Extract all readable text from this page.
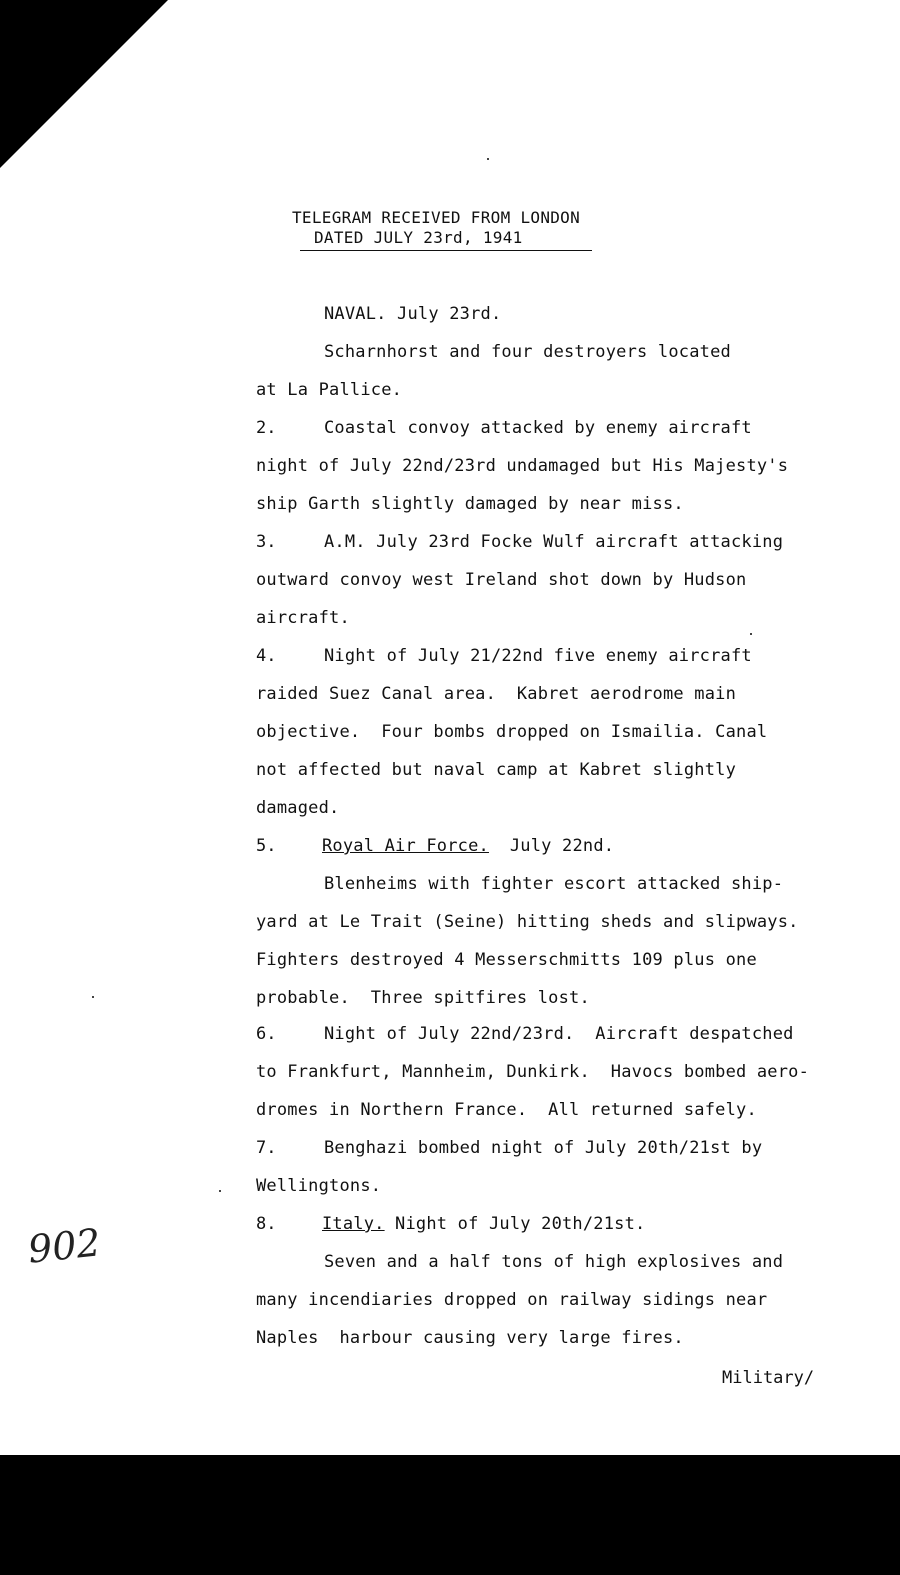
TELEGRAM RECEIVED FROM LONDON
DATED JULY 23rd, 1941
NAVAL. July 23rd.
Scharnhorst and four destroyers located
at La Pallice.
2.	Coastal convoy attacked by enemy aircraft
night of July 22nd/23rd undamaged but His Majesty's
ship Garth slightly damaged by near miss.
3.	A.M. July 23rd Focke Wulf aircraft attacking
outward convoy west Ireland shot down by Hudson
aircraft.
4.	Night of July 21/22nd five enemy aircraft
raided Suez Canal area.  Kabret aerodrome main
objective.  Four bombs dropped on Ismailia. Canal
not affected but naval camp at Kabret slightly
damaged.
5.	Royal Air Force.  July 22nd.
Blenheims with fighter escort attacked ship-
yard at Le Trait (Seine) hitting sheds and slipways.
Fighters destroyed 4 Messerschmitts 109 plus one
probable.  Three spitfires lost.
6.	Night of July 22nd/23rd.  Aircraft despatched
to Frankfurt, Mannheim, Dunkirk.  Havocs bombed aero-
dromes in Northern France.  All returned safely.
7.	Benghazi bombed night of July 20th/21st by
Wellingtons.
8.	Italy. Night of July 20th/21st.
Seven and a half tons of high explosives and
many incendiaries dropped on railway sidings near
Naples  harbour causing very large fires.
902
Military/
